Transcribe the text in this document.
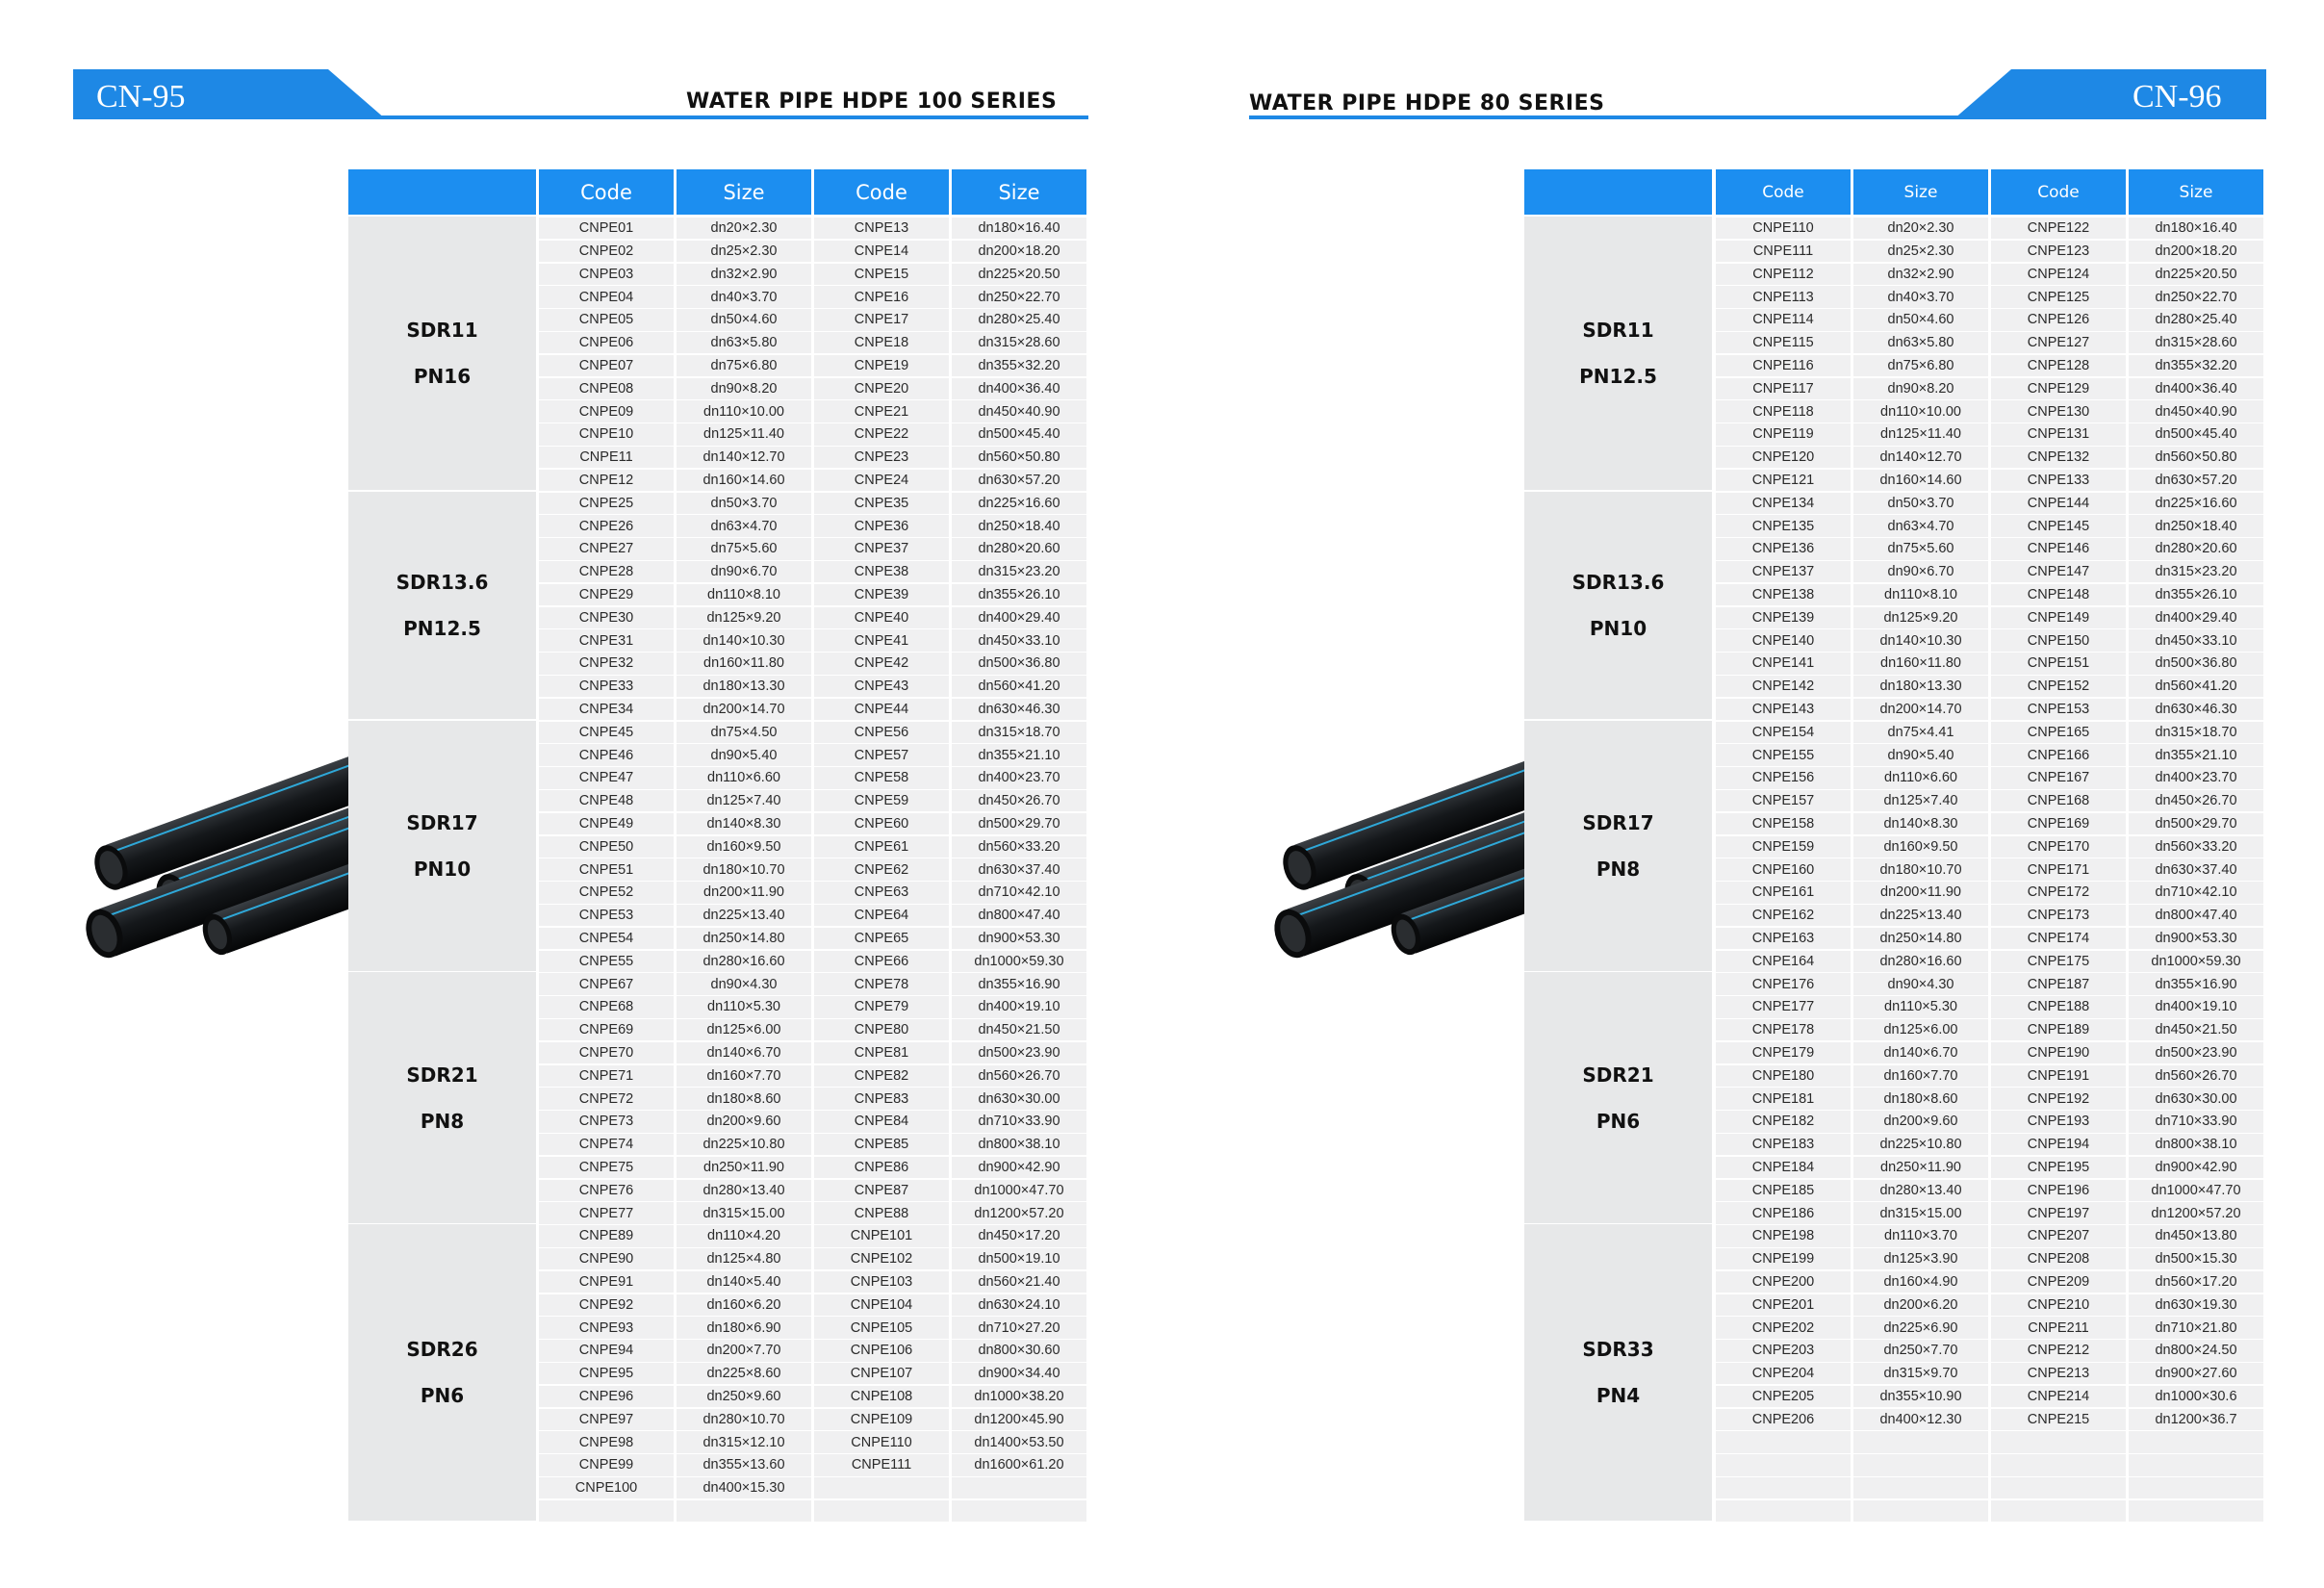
CN-95	WATER PIPE HDPE 100 SERIES
Code	Size	Code	Size
SDR11
PN16
CNPE01	dn20×2.30	CNPE13	dn180×16.40
CNPE02	dn25×2.30	CNPE14	dn200×18.20
CNPE03	dn32×2.90	CNPE15	dn225×20.50
CNPE04	dn40×3.70	CNPE16	dn250×22.70
CNPE05	dn50×4.60	CNPE17	dn280×25.40
CNPE06	dn63×5.80	CNPE18	dn315×28.60
CNPE07	dn75×6.80	CNPE19	dn355×32.20
CNPE08	dn90×8.20	CNPE20	dn400×36.40
CNPE09	dn110×10.00	CNPE21	dn450×40.90
CNPE10	dn125×11.40	CNPE22	dn500×45.40
CNPE11	dn140×12.70	CNPE23	dn560×50.80
CNPE12	dn160×14.60	CNPE24	dn630×57.20
SDR13.6
PN12.5
CNPE25	dn50×3.70	CNPE35	dn225×16.60
CNPE26	dn63×4.70	CNPE36	dn250×18.40
CNPE27	dn75×5.60	CNPE37	dn280×20.60
CNPE28	dn90×6.70	CNPE38	dn315×23.20
CNPE29	dn110×8.10	CNPE39	dn355×26.10
CNPE30	dn125×9.20	CNPE40	dn400×29.40
CNPE31	dn140×10.30	CNPE41	dn450×33.10
CNPE32	dn160×11.80	CNPE42	dn500×36.80
CNPE33	dn180×13.30	CNPE43	dn560×41.20
CNPE34	dn200×14.70	CNPE44	dn630×46.30
SDR17
PN10
CNPE45	dn75×4.50	CNPE56	dn315×18.70
CNPE46	dn90×5.40	CNPE57	dn355×21.10
CNPE47	dn110×6.60	CNPE58	dn400×23.70
CNPE48	dn125×7.40	CNPE59	dn450×26.70
CNPE49	dn140×8.30	CNPE60	dn500×29.70
CNPE50	dn160×9.50	CNPE61	dn560×33.20
CNPE51	dn180×10.70	CNPE62	dn630×37.40
CNPE52	dn200×11.90	CNPE63	dn710×42.10
CNPE53	dn225×13.40	CNPE64	dn800×47.40
CNPE54	dn250×14.80	CNPE65	dn900×53.30
CNPE55	dn280×16.60	CNPE66	dn1000×59.30
SDR21
PN8
CNPE67	dn90×4.30	CNPE78	dn355×16.90
CNPE68	dn110×5.30	CNPE79	dn400×19.10
CNPE69	dn125×6.00	CNPE80	dn450×21.50
CNPE70	dn140×6.70	CNPE81	dn500×23.90
CNPE71	dn160×7.70	CNPE82	dn560×26.70
CNPE72	dn180×8.60	CNPE83	dn630×30.00
CNPE73	dn200×9.60	CNPE84	dn710×33.90
CNPE74	dn225×10.80	CNPE85	dn800×38.10
CNPE75	dn250×11.90	CNPE86	dn900×42.90
CNPE76	dn280×13.40	CNPE87	dn1000×47.70
CNPE77	dn315×15.00	CNPE88	dn1200×57.20
SDR26
PN6
CNPE89	dn110×4.20	CNPE101	dn450×17.20
CNPE90	dn125×4.80	CNPE102	dn500×19.10
CNPE91	dn140×5.40	CNPE103	dn560×21.40
CNPE92	dn160×6.20	CNPE104	dn630×24.10
CNPE93	dn180×6.90	CNPE105	dn710×27.20
CNPE94	dn200×7.70	CNPE106	dn800×30.60
CNPE95	dn225×8.60	CNPE107	dn900×34.40
CNPE96	dn250×9.60	CNPE108	dn1000×38.20
CNPE97	dn280×10.70	CNPE109	dn1200×45.90
CNPE98	dn315×12.10	CNPE110	dn1400×53.50
CNPE99	dn355×13.60	CNPE111	dn1600×61.20
CNPE100	dn400×15.30
CN-96
WATER PIPE HDPE 80 SERIES
Code	Size	Code	Size
SDR11
PN12.5
CNPE110	dn20×2.30	CNPE122	dn180×16.40
CNPE111	dn25×2.30	CNPE123	dn200×18.20
CNPE112	dn32×2.90	CNPE124	dn225×20.50
CNPE113	dn40×3.70	CNPE125	dn250×22.70
CNPE114	dn50×4.60	CNPE126	dn280×25.40
CNPE115	dn63×5.80	CNPE127	dn315×28.60
CNPE116	dn75×6.80	CNPE128	dn355×32.20
CNPE117	dn90×8.20	CNPE129	dn400×36.40
CNPE118	dn110×10.00	CNPE130	dn450×40.90
CNPE119	dn125×11.40	CNPE131	dn500×45.40
CNPE120	dn140×12.70	CNPE132	dn560×50.80
CNPE121	dn160×14.60	CNPE133	dn630×57.20
SDR13.6
PN10
CNPE134	dn50×3.70	CNPE144	dn225×16.60
CNPE135	dn63×4.70	CNPE145	dn250×18.40
CNPE136	dn75×5.60	CNPE146	dn280×20.60
CNPE137	dn90×6.70	CNPE147	dn315×23.20
CNPE138	dn110×8.10	CNPE148	dn355×26.10
CNPE139	dn125×9.20	CNPE149	dn400×29.40
CNPE140	dn140×10.30	CNPE150	dn450×33.10
CNPE141	dn160×11.80	CNPE151	dn500×36.80
CNPE142	dn180×13.30	CNPE152	dn560×41.20
CNPE143	dn200×14.70	CNPE153	dn630×46.30
SDR17
PN8
CNPE154	dn75×4.41	CNPE165	dn315×18.70
CNPE155	dn90×5.40	CNPE166	dn355×21.10
CNPE156	dn110×6.60	CNPE167	dn400×23.70
CNPE157	dn125×7.40	CNPE168	dn450×26.70
CNPE158	dn140×8.30	CNPE169	dn500×29.70
CNPE159	dn160×9.50	CNPE170	dn560×33.20
CNPE160	dn180×10.70	CNPE171	dn630×37.40
CNPE161	dn200×11.90	CNPE172	dn710×42.10
CNPE162	dn225×13.40	CNPE173	dn800×47.40
CNPE163	dn250×14.80	CNPE174	dn900×53.30
CNPE164	dn280×16.60	CNPE175	dn1000×59.30
SDR21
PN6
CNPE176	dn90×4.30	CNPE187	dn355×16.90
CNPE177	dn110×5.30	CNPE188	dn400×19.10
CNPE178	dn125×6.00	CNPE189	dn450×21.50
CNPE179	dn140×6.70	CNPE190	dn500×23.90
CNPE180	dn160×7.70	CNPE191	dn560×26.70
CNPE181	dn180×8.60	CNPE192	dn630×30.00
CNPE182	dn200×9.60	CNPE193	dn710×33.90
CNPE183	dn225×10.80	CNPE194	dn800×38.10
CNPE184	dn250×11.90	CNPE195	dn900×42.90
CNPE185	dn280×13.40	CNPE196	dn1000×47.70
CNPE186	dn315×15.00	CNPE197	dn1200×57.20
SDR33
PN4
CNPE198	dn110×3.70	CNPE207	dn450×13.80
CNPE199	dn125×3.90	CNPE208	dn500×15.30
CNPE200	dn160×4.90	CNPE209	dn560×17.20
CNPE201	dn200×6.20	CNPE210	dn630×19.30
CNPE202	dn225×6.90	CNPE211	dn710×21.80
CNPE203	dn250×7.70	CNPE212	dn800×24.50
CNPE204	dn315×9.70	CNPE213	dn900×27.60
CNPE205	dn355×10.90	CNPE214	dn1000×30.6
CNPE206	dn400×12.30	CNPE215	dn1200×36.7
